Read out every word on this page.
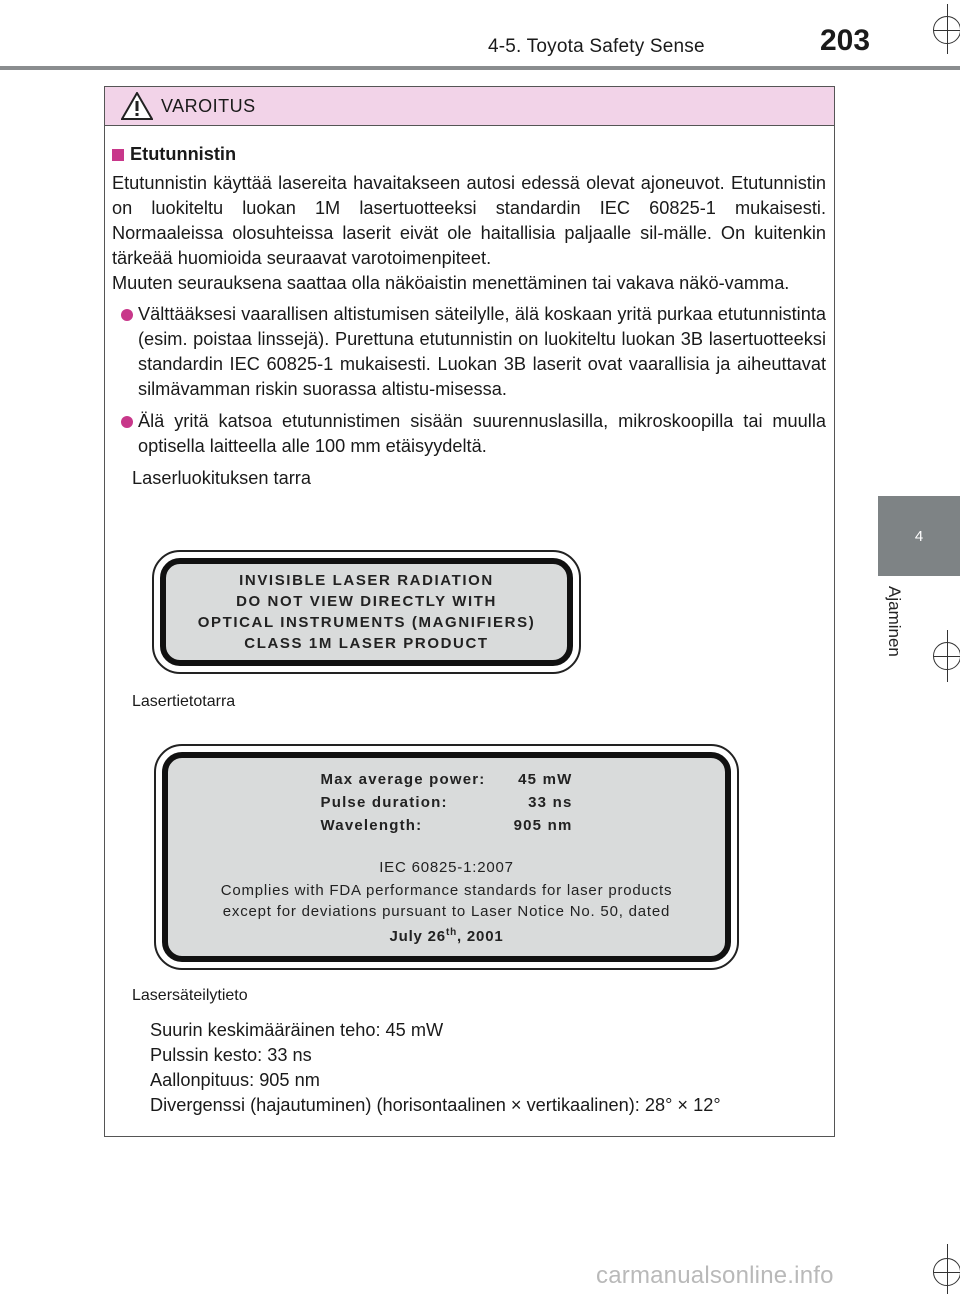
4-5. Toyota Safety Sense	203
4
Ajaminen
VAROITUS
Etutunnistin

Etutunnistin käyttää lasereita havaitakseen autosi edessä olevat ajoneuvot. Etutunnistin on luokiteltu luokan 1M lasertuotteeksi standardin IEC 60825-1 mukaisesti. Normaaleissa olosuhteissa laserit eivät ole haitallisia paljaalle sil-mälle. On kuitenkin tärkeää huomioida seuraavat varotoimenpiteet.

Muuten seurauksena saattaa olla näköaistin menettäminen tai vakava näkö-vamma.

Välttääksesi vaarallisen altistumisen säteilylle, älä koskaan yritä purkaa etutunnistinta (esim. poistaa linssejä). Purettuna etutunnistin on luokiteltu luokan 3B lasertuotteeksi standardin IEC 60825-1 mukaisesti. Luokan 3B laserit ovat vaarallisia ja aiheuttavat silmävamman riskin suorassa altistu-misessa.

Älä yritä katsoa etutunnistimen sisään suurennuslasilla, mikroskoopilla tai muulla optisella laitteella alle 100 mm etäisyydeltä.

Laserluokituksen tarra
INVISIBLE LASER RADIATION
DO NOT VIEW DIRECTLY WITH
OPTICAL INSTRUMENTS (MAGNIFIERS)
CLASS 1M LASER PRODUCT
Lasertietotarra
Max average power:	45 mW
Pulse duration:	33 ns
Wavelength:	905 nm
IEC 60825-1:2007
Complies with FDA performance standards for laser products
except for deviations pursuant to Laser Notice No. 50, dated
July 26th, 2001
Lasersäteilytieto
Suurin keskimääräinen teho: 45 mW
Pulssin kesto: 33 ns
Aallonpituus: 905 nm
Divergenssi (hajautuminen) (horisontaalinen × vertikaalinen): 28° × 12°
carmanualsonline.info
